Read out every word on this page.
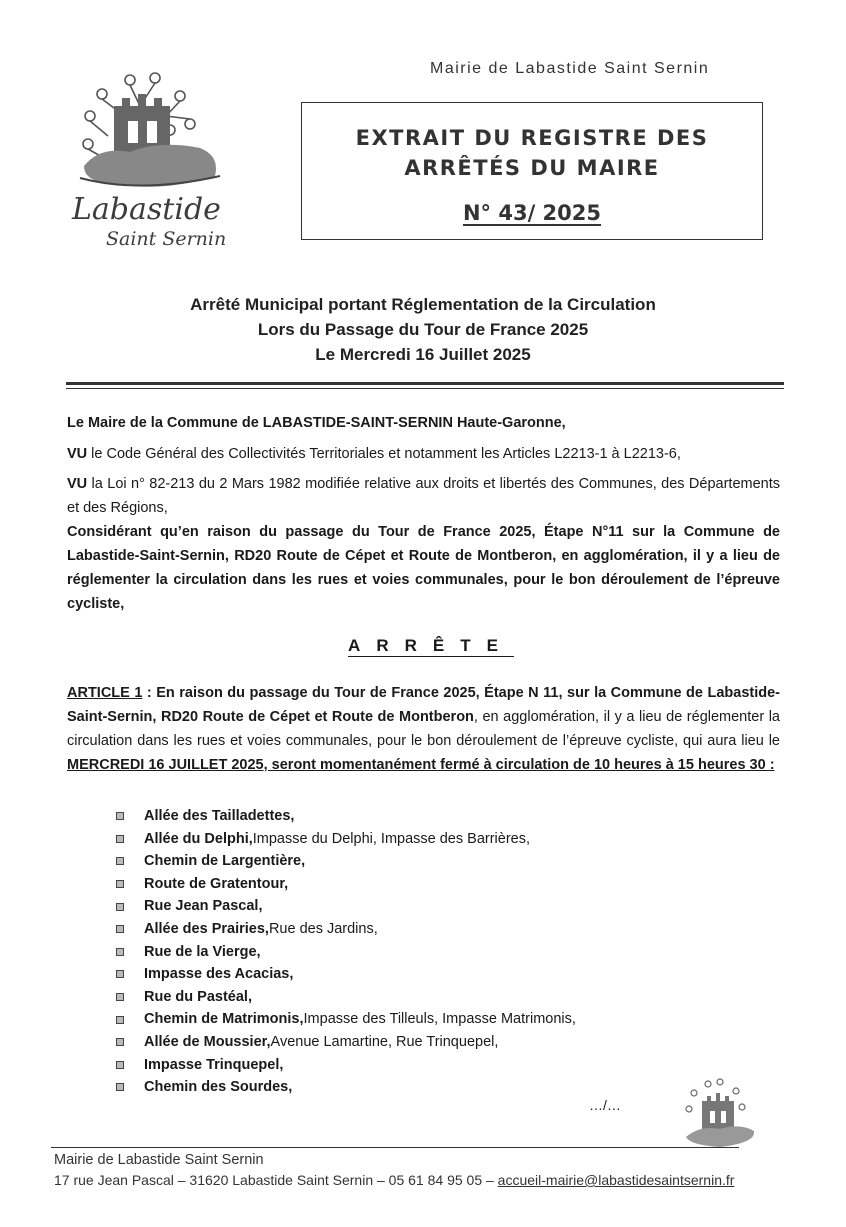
Mairie de Labastide Saint Sernin
Labastide
Saint Sernin
EXTRAIT DU REGISTRE DES
ARRÊTÉS DU MAIRE
N° 43/ 2025
Arrêté Municipal portant Réglementation de la Circulation
Lors du Passage du Tour de France 2025
Le Mercredi 16 Juillet 2025
Le Maire de la Commune de LABASTIDE-SAINT-SERNIN Haute-Garonne,
VU le Code Général des Collectivités Territoriales et notamment les Articles L2213-1 à L2213-6,
VU la Loi n° 82-213 du 2 Mars 1982 modifiée relative aux droits et libertés des Communes, des Départements et des Régions,
Considérant qu’en raison du passage du Tour de France 2025, Étape N°11 sur la Commune de Labastide-Saint-Sernin, RD20 Route de Cépet et Route de Montberon, en agglomération, il y a lieu de réglementer la circulation dans les rues et voies communales, pour le bon déroulement de l’épreuve cycliste,
ARRÊTE
ARTICLE 1 : En raison du passage du Tour de France 2025, Étape N 11, sur la Commune de Labastide-Saint-Sernin, RD20 Route de Cépet et Route de Montberon, en agglomération, il y a lieu de réglementer la circulation dans les rues et voies communales, pour le bon déroulement de l’épreuve cycliste, qui aura lieu le MERCREDI 16 JUILLET 2025, seront momentanément fermé à circulation de 10 heures à 15 heures 30 :
Allée des Tailladettes,
Allée du Delphi, Impasse du Delphi, Impasse des Barrières,
Chemin de Largentière,
Route de Gratentour,
Rue Jean Pascal,
Allée des Prairies, Rue des Jardins,
Rue de la Vierge,
Impasse des Acacias,
Rue du Pastéal,
Chemin de Matrimonis, Impasse des Tilleuls, Impasse Matrimonis,
Allée de Moussier, Avenue Lamartine, Rue Trinquepel,
Impasse Trinquepel,
Chemin des Sourdes,
…/…
Mairie de Labastide Saint Sernin
17 rue Jean Pascal – 31620 Labastide Saint Sernin – 05 61 84 95 05 – accueil-mairie@labastidesaintsernin.fr
